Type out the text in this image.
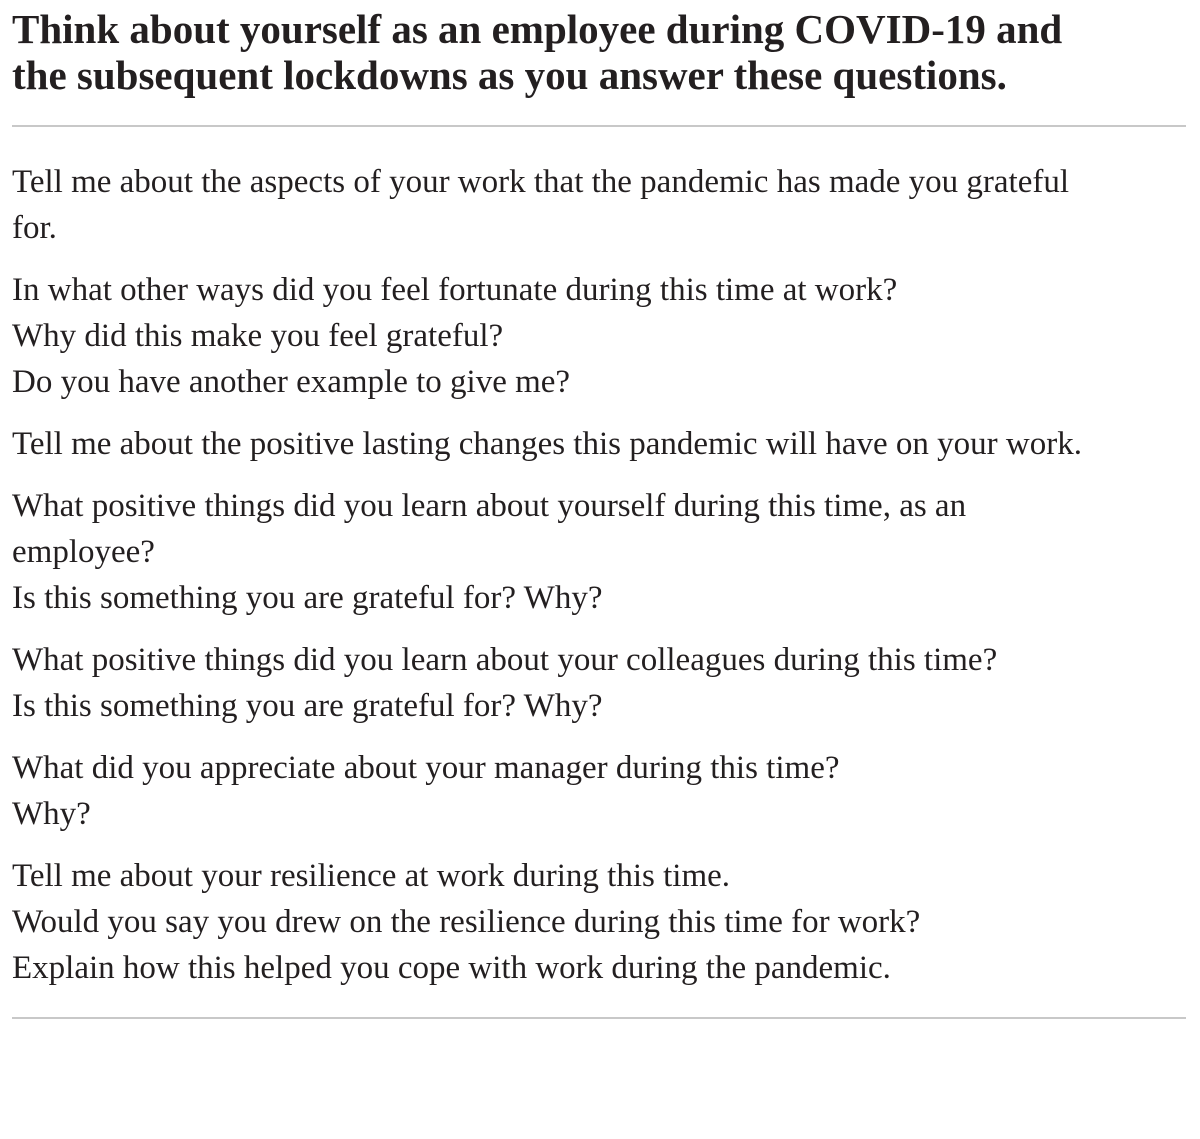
Think about yourself as an employee during COVID-19 and the subsequent lockdowns as you answer these questions.
Tell me about the aspects of your work that the pandemic has made you grateful for.
In what other ways did you feel fortunate during this time at work?
Why did this make you feel grateful?
Do you have another example to give me?
Tell me about the positive lasting changes this pandemic will have on your work.
What positive things did you learn about yourself during this time, as an employee?
Is this something you are grateful for? Why?
What positive things did you learn about your colleagues during this time?
Is this something you are grateful for? Why?
What did you appreciate about your manager during this time?
Why?
Tell me about your resilience at work during this time.
Would you say you drew on the resilience during this time for work?
Explain how this helped you cope with work during the pandemic.
